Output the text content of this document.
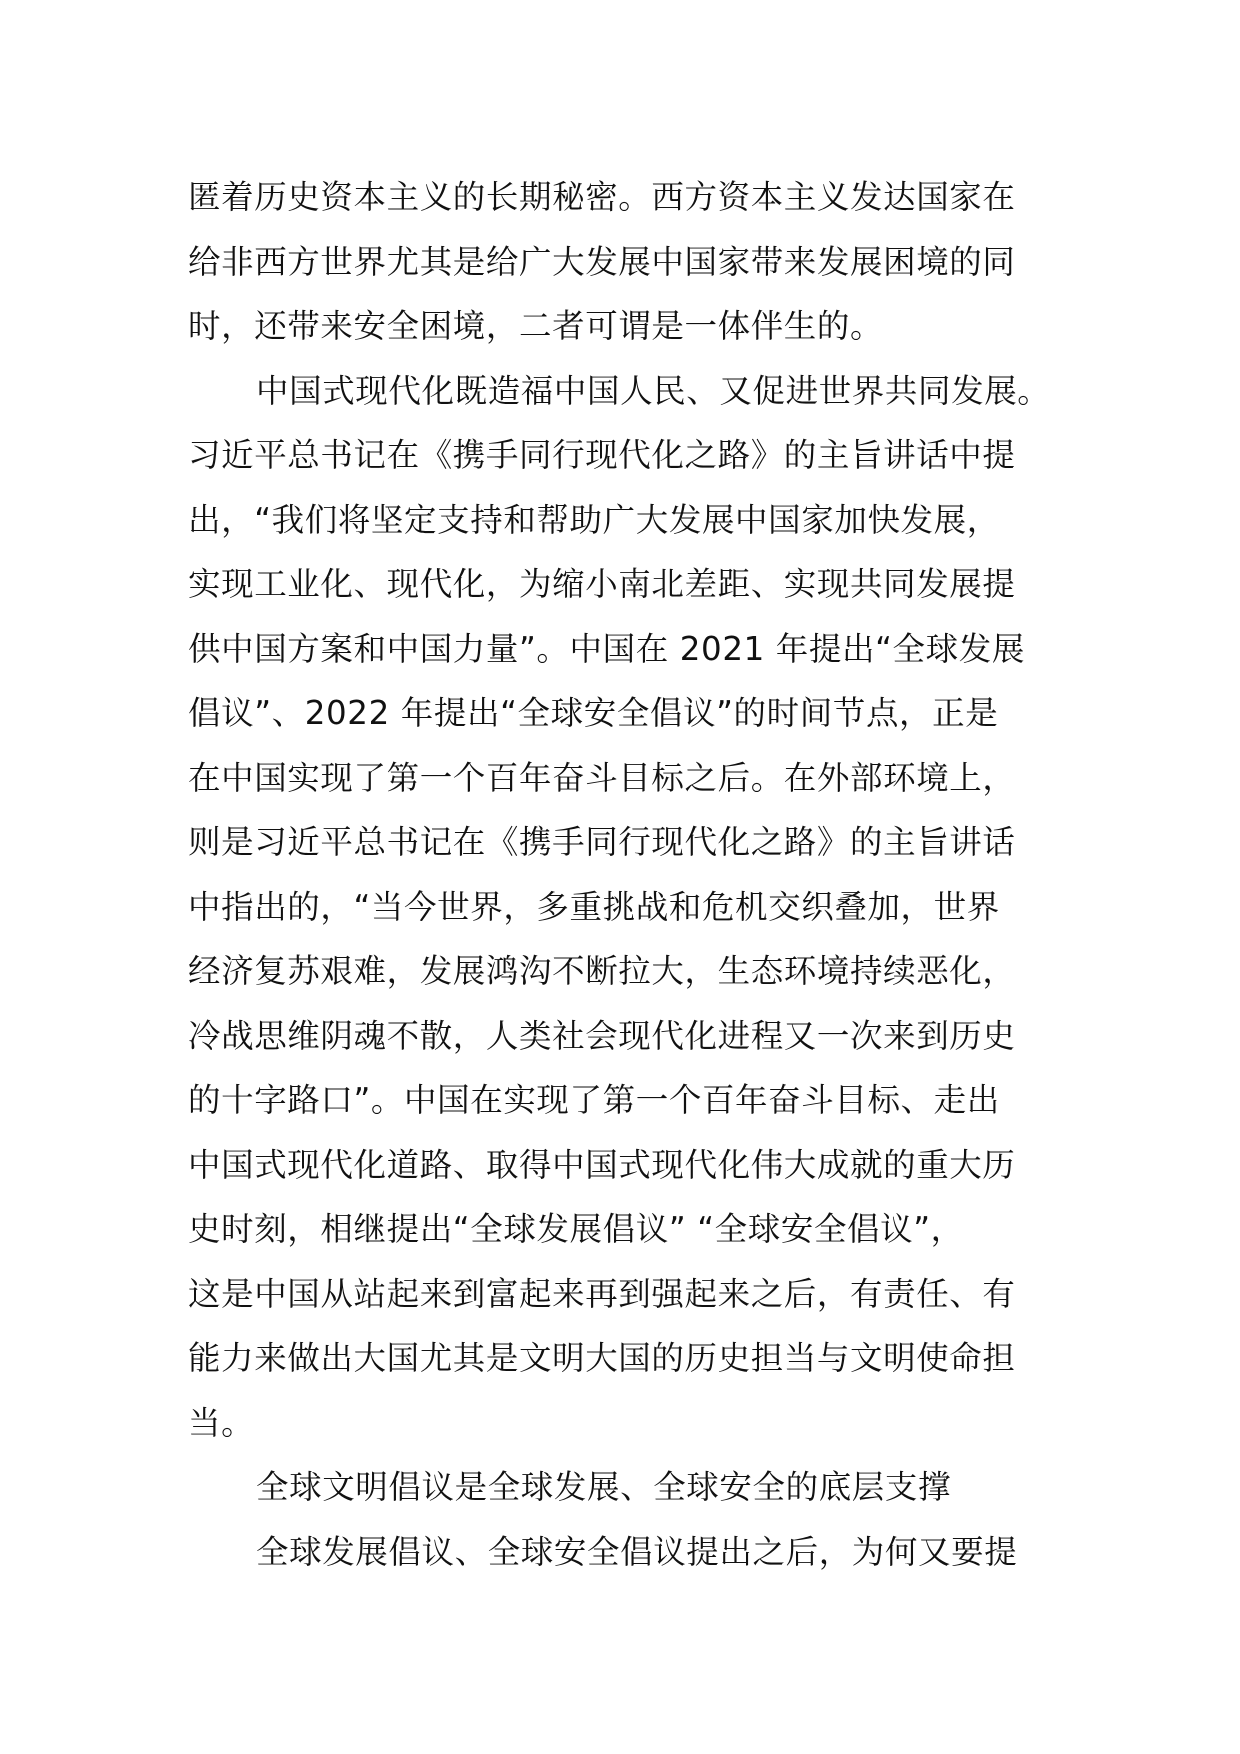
匿着历史资本主义的长期秘密。西方资本主义发达国家在
给非西方世界尤其是给广大发展中国家带来发展困境的同
时，还带来安全困境，二者可谓是一体伴生的。
中国式现代化既造福中国人民、又促进世界共同发展。
习近平总书记在《携手同行现代化之路》的主旨讲话中提
出，“我们将坚定支持和帮助广大发展中国家加快发展，
实现工业化、现代化，为缩小南北差距、实现共同发展提
供中国方案和中国力量”。中国在 2021 年提出“全球发展
倡议”、2022 年提出“全球安全倡议”的时间节点，正是
在中国实现了第一个百年奋斗目标之后。在外部环境上，
则是习近平总书记在《携手同行现代化之路》的主旨讲话
中指出的，“当今世界，多重挑战和危机交织叠加，世界
经济复苏艰难，发展鸿沟不断拉大，生态环境持续恶化，
冷战思维阴魂不散，人类社会现代化进程又一次来到历史
的十字路口”。中国在实现了第一个百年奋斗目标、走出
中国式现代化道路、取得中国式现代化伟大成就的重大历
史时刻，相继提出“全球发展倡议” “全球安全倡议”，
这是中国从站起来到富起来再到强起来之后，有责任、有
能力来做出大国尤其是文明大国的历史担当与文明使命担
当。
全球文明倡议是全球发展、全球安全的底层支撑
全球发展倡议、全球安全倡议提出之后，为何又要提
